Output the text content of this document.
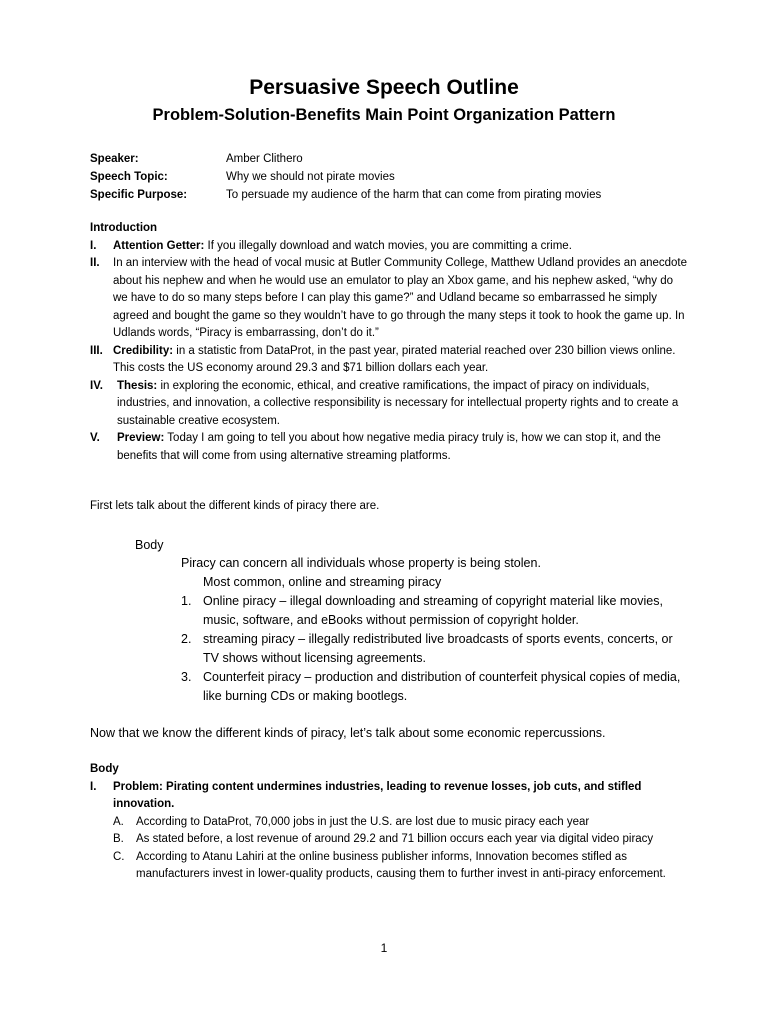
Persuasive Speech Outline
Problem-Solution-Benefits Main Point Organization Pattern
Speaker:	Amber Clithero
Speech Topic:	Why we should not pirate movies
Specific Purpose:	To persuade my audience of the harm that can come from pirating movies
Introduction
I.	Attention Getter: If you illegally download and watch movies, you are committing a crime.
II.	In an interview with the head of vocal music at Butler Community College, Matthew Udland provides an anecdote about his nephew and when he would use an emulator to play an Xbox game, and his nephew asked, “why do we have to do so many steps before I can play this game?” and Udland became so embarrassed he simply agreed and bought the game so they wouldn’t have to go through the many steps it took to hook the game up. In Udlands words, “Piracy is embarrassing, don’t do it.”
III. Credibility: in a statistic from DataProt, in the past year, pirated material reached over 230 billion views online. This costs the US economy around 29.3 and $71 billion dollars each year.
IV.	Thesis: in exploring the economic, ethical, and creative ramifications, the impact of piracy on individuals, industries, and innovation, a collective responsibility is necessary for intellectual property rights and to create a sustainable creative ecosystem.
V.	Preview: Today I am going to tell you about how negative media piracy truly is, how we can stop it, and the benefits that will come from using alternative streaming platforms.
First lets talk about the different kinds of piracy there are.
Body
Piracy can concern all individuals whose property is being stolen.
Most common, online and streaming piracy
1. Online piracy – illegal downloading and streaming of copyright material like movies, music, software, and eBooks without permission of copyright holder.
2. streaming piracy – illegally redistributed live broadcasts of sports events, concerts, or TV shows without licensing agreements.
3. Counterfeit piracy – production and distribution of counterfeit physical copies of media, like burning CDs or making bootlegs.
Now that we know the different kinds of piracy, let’s talk about some economic repercussions.
Body
I.	Problem: Pirating content undermines industries, leading to revenue losses, job cuts, and stifled innovation.
A.	According to DataProt, 70,000 jobs in just the U.S. are lost due to music piracy each year
B.	As stated before, a lost revenue of around 29.2 and 71 billion occurs each year via digital video piracy
C.	According to Atanu Lahiri at the online business publisher informs, Innovation becomes stifled as manufacturers invest in lower-quality products, causing them to further invest in anti-piracy enforcement.
1
